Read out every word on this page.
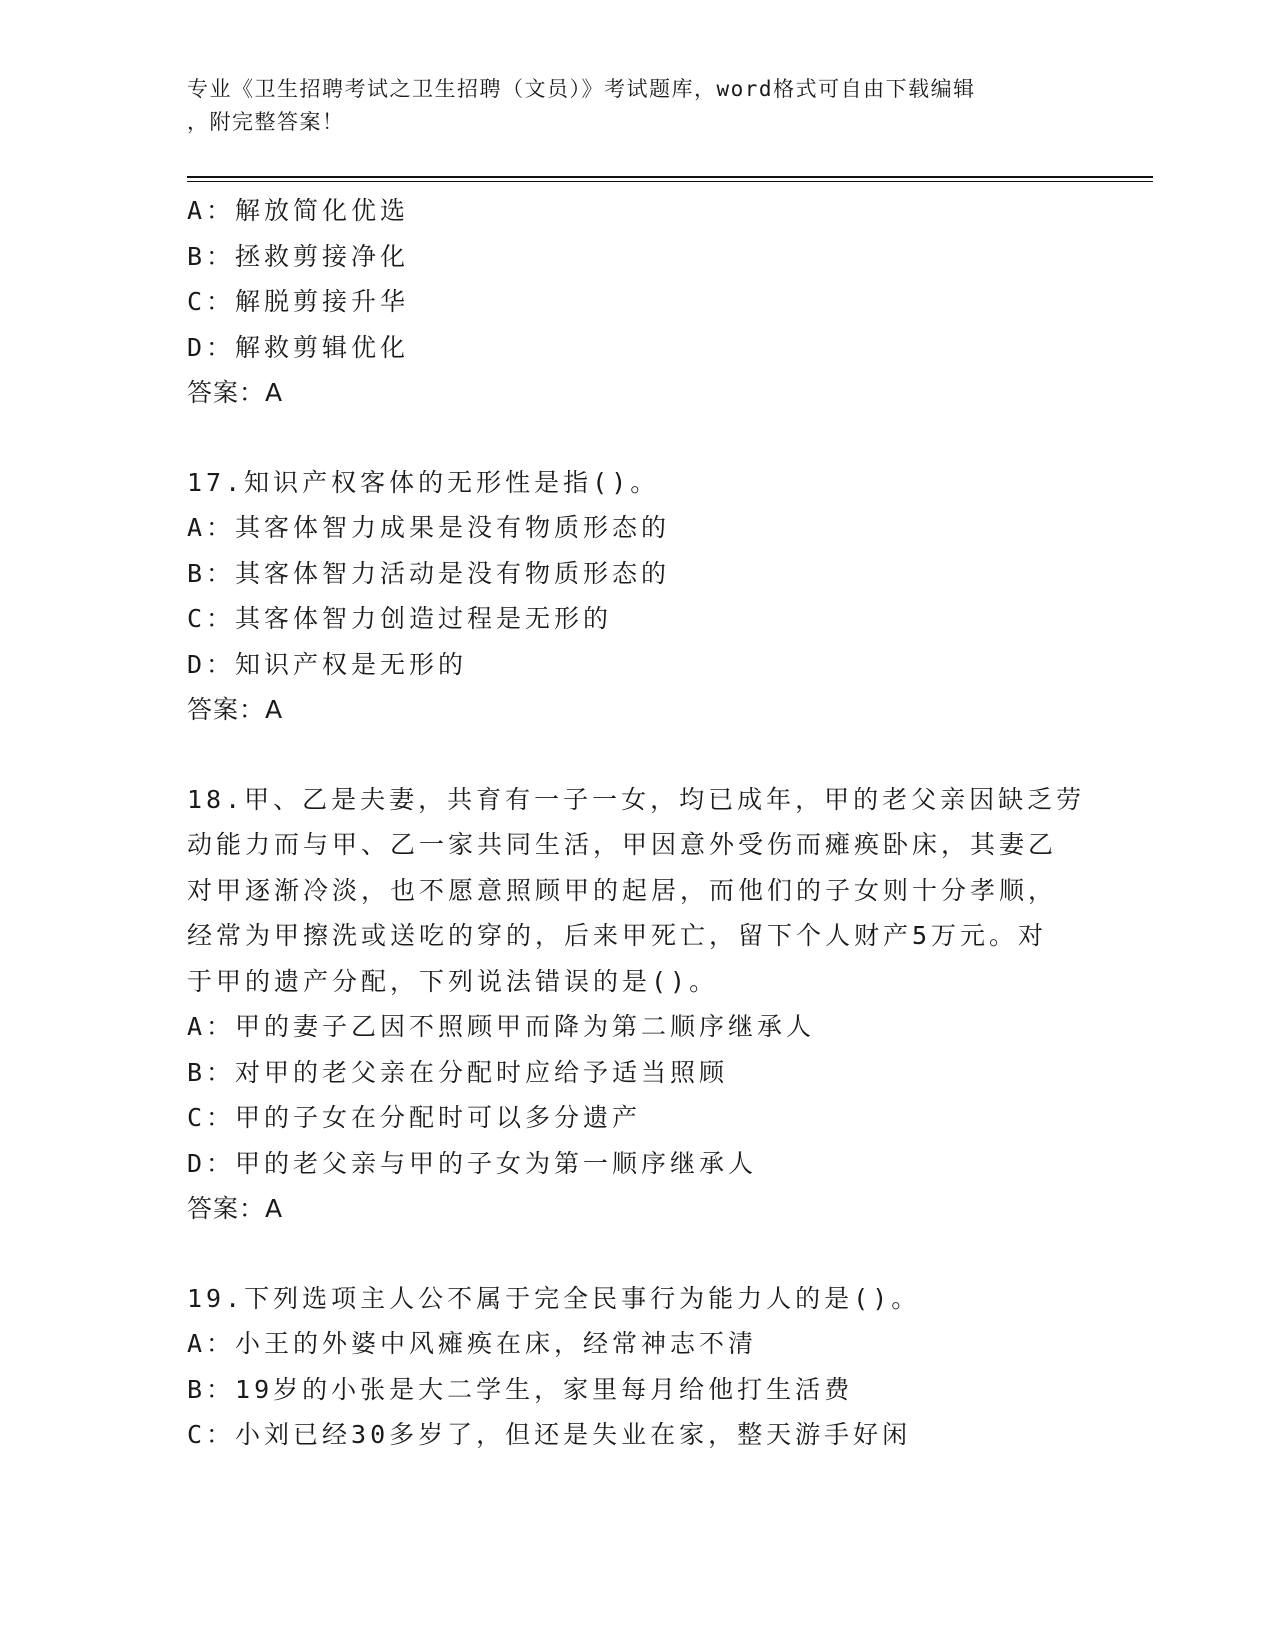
专业《卫生招聘考试之卫生招聘（文员）》考试题库，word格式可自由下载编辑
，附完整答案！
A：解放简化优选
B：拯救剪接净化
C：解脱剪接升华
D：解救剪辑优化
答案：A
17.知识产权客体的无形性是指()。
A：其客体智力成果是没有物质形态的
B：其客体智力活动是没有物质形态的
C：其客体智力创造过程是无形的
D：知识产权是无形的
答案：A
18.甲、乙是夫妻，共育有一子一女，均已成年，甲的老父亲因缺乏劳
动能力而与甲、乙一家共同生活，甲因意外受伤而瘫痪卧床，其妻乙
对甲逐渐冷淡，也不愿意照顾甲的起居，而他们的子女则十分孝顺，
经常为甲擦洗或送吃的穿的，后来甲死亡，留下个人财产5万元。对
于甲的遗产分配，下列说法错误的是()。
A：甲的妻子乙因不照顾甲而降为第二顺序继承人
B：对甲的老父亲在分配时应给予适当照顾
C：甲的子女在分配时可以多分遗产
D：甲的老父亲与甲的子女为第一顺序继承人
答案：A
19.下列选项主人公不属于完全民事行为能力人的是()。
A：小王的外婆中风瘫痪在床，经常神志不清
B：19岁的小张是大二学生，家里每月给他打生活费
C：小刘已经30多岁了，但还是失业在家，整天游手好闲
